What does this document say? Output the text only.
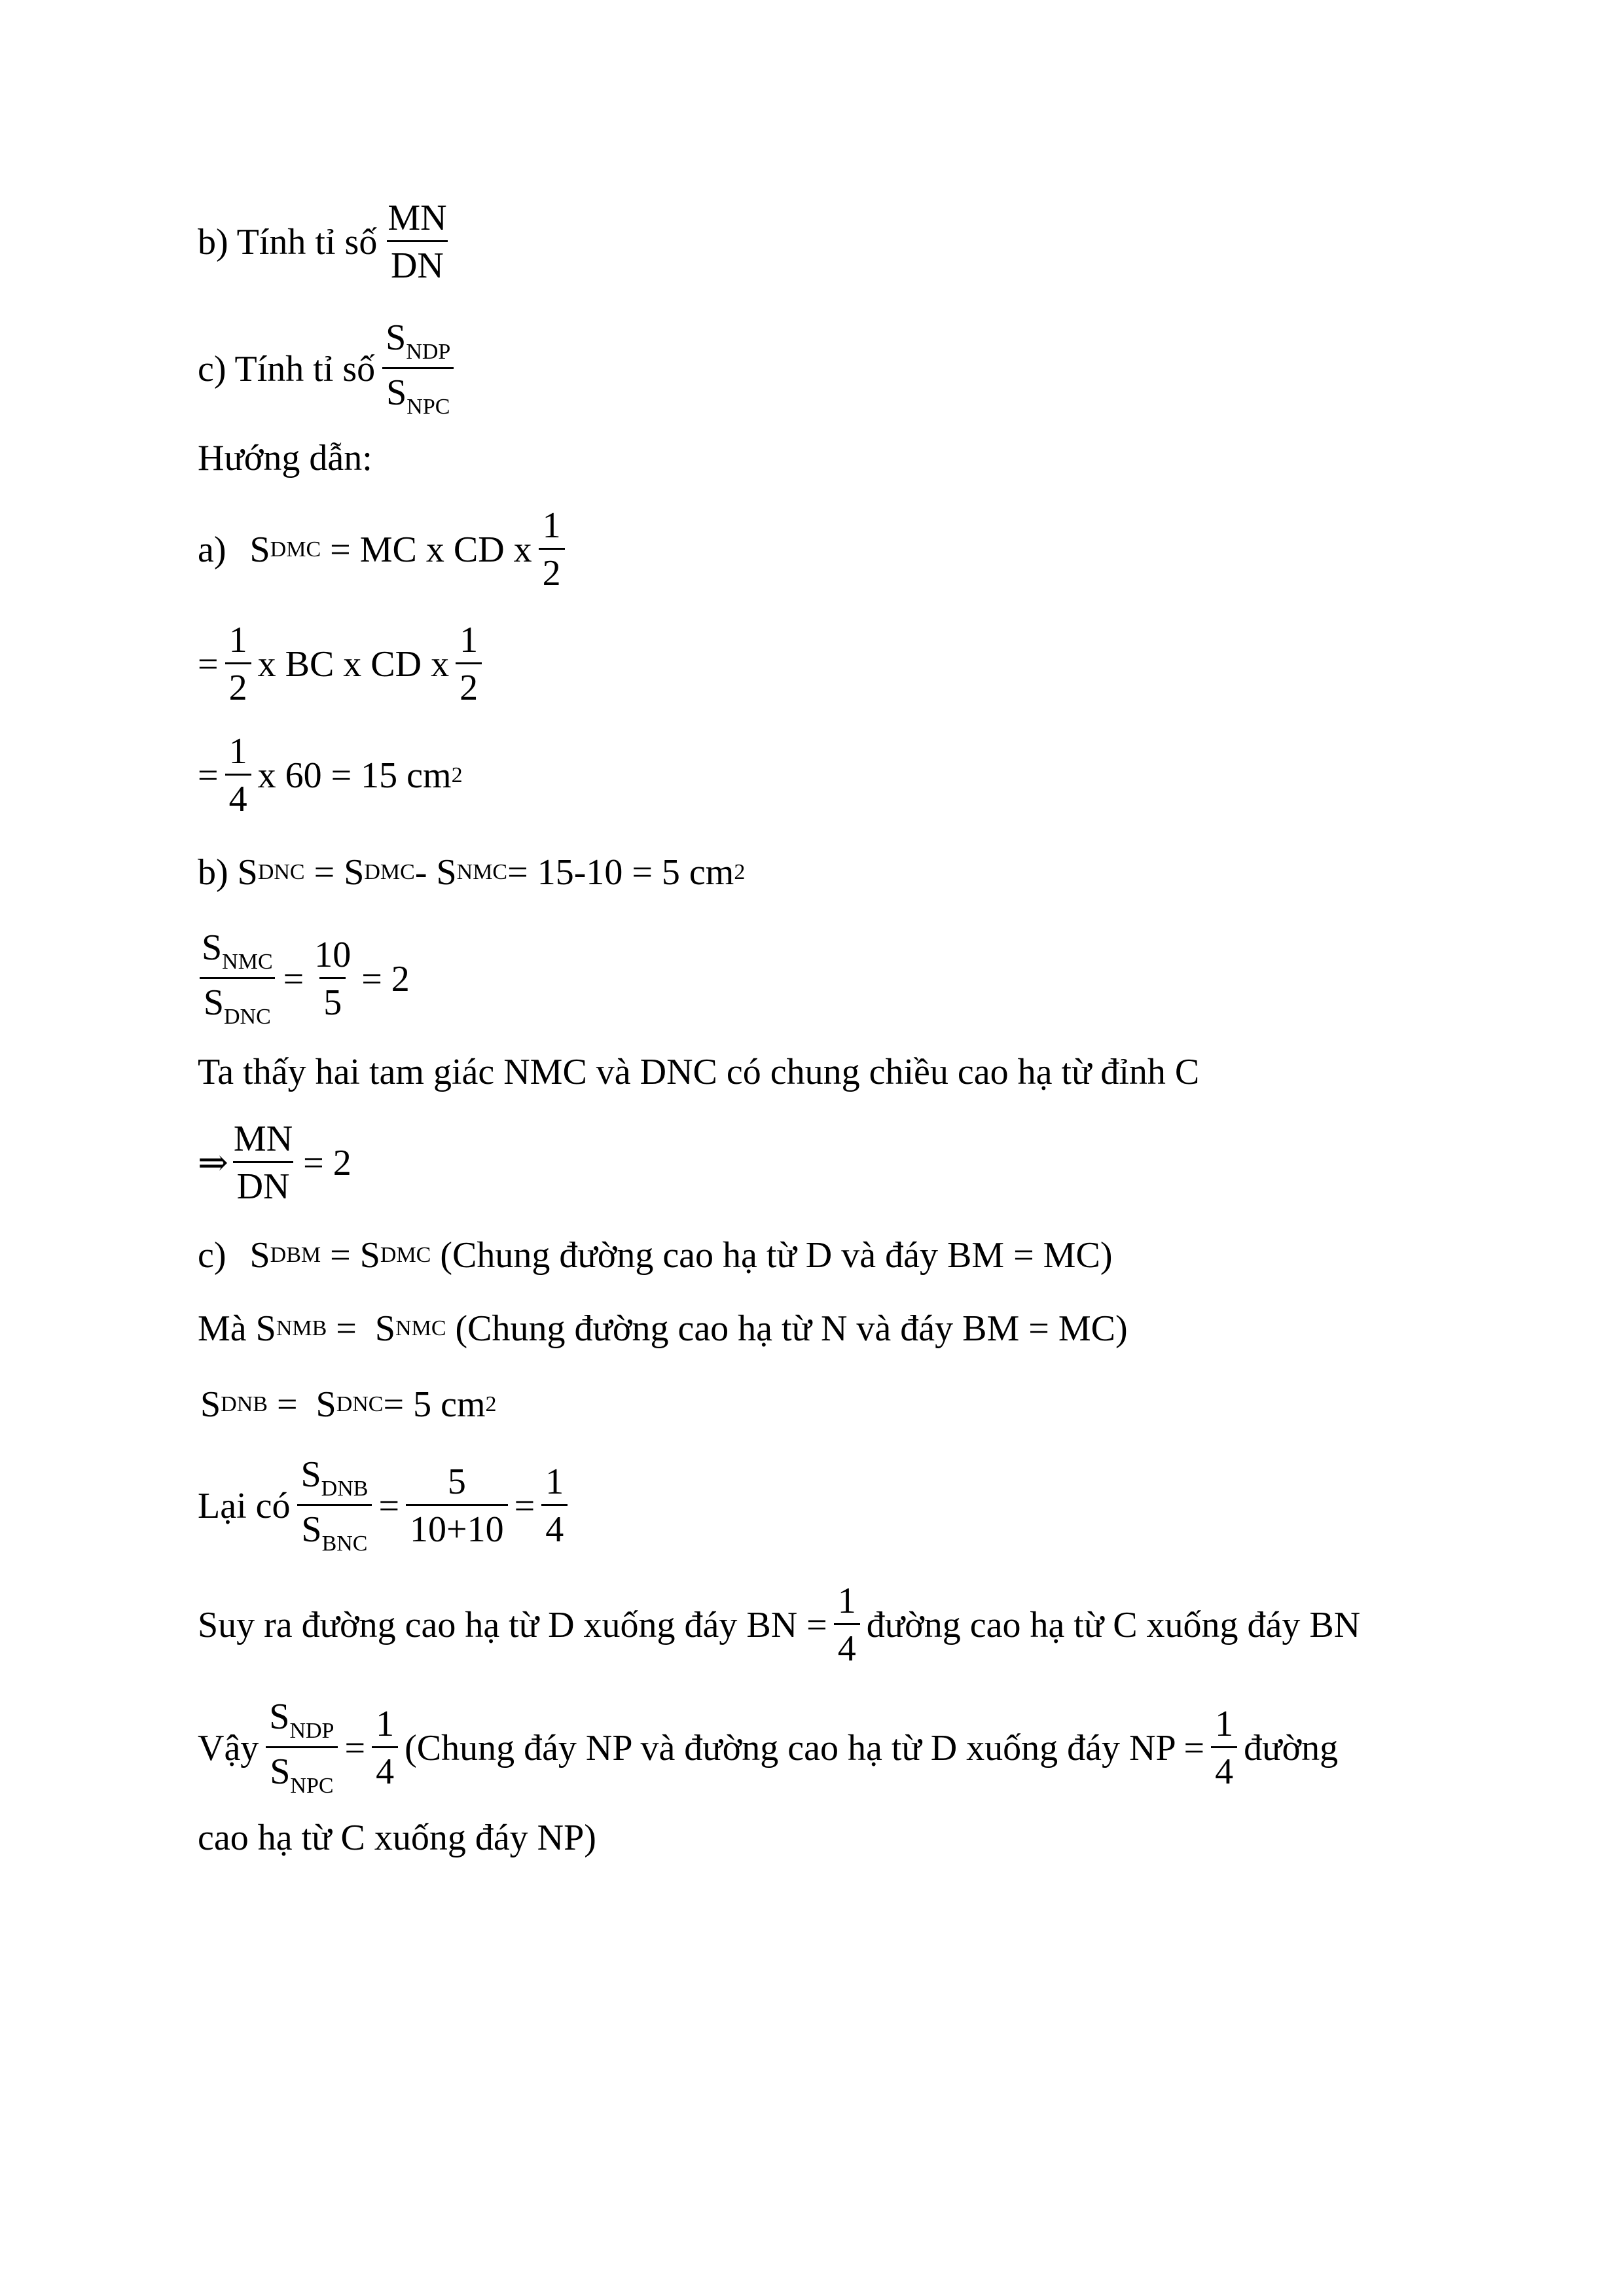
b) Tính tỉ số $\frac{MN}{DN}$
c) Tính tỉ số $\frac{S_{NDP}}{S_{NPC}}$
Hướng dẫn:
a) S DMC = MC x CD x $\frac{1}{2}$
= $\frac{1}{2}$ x BC x CD x $\frac{1}{2}$
= $\frac{1}{4}$ x 60 = 15 cm 2
b) S DNC = S DMC - S NMC = 15-10 = 5 cm 2
$\frac{S_{NMC}}{S_{DNC}} = \frac{10}{5} = 2$
Ta thấy hai tam giác NMC và DNC có chung chiều cao hạ từ đỉnh C
⇒ $\frac{MN}{DN} = 2$
c) S DBM = S DMC (Chung đường cao hạ từ D và đáy BM = MC)
Mà S NMB = S NMC (Chung đường cao hạ từ N và đáy BM = MC)
S DNB = S DNC = 5 cm 2
Lại có $\frac{S_{DNB}}{S_{BNC}} = \frac{5}{10+10} = \frac{1}{4}$
Suy ra đường cao hạ từ D xuống đáy BN = $\frac{1}{4}$ đường cao hạ từ C xuống đáy BN
Vậy $\frac{S_{NDP}}{S_{NPC}} = \frac{1}{4}$ (Chung đáy NP và đường cao hạ từ D xuống đáy NP = $\frac{1}{4}$ đường
cao hạ từ C xuống đáy NP)
